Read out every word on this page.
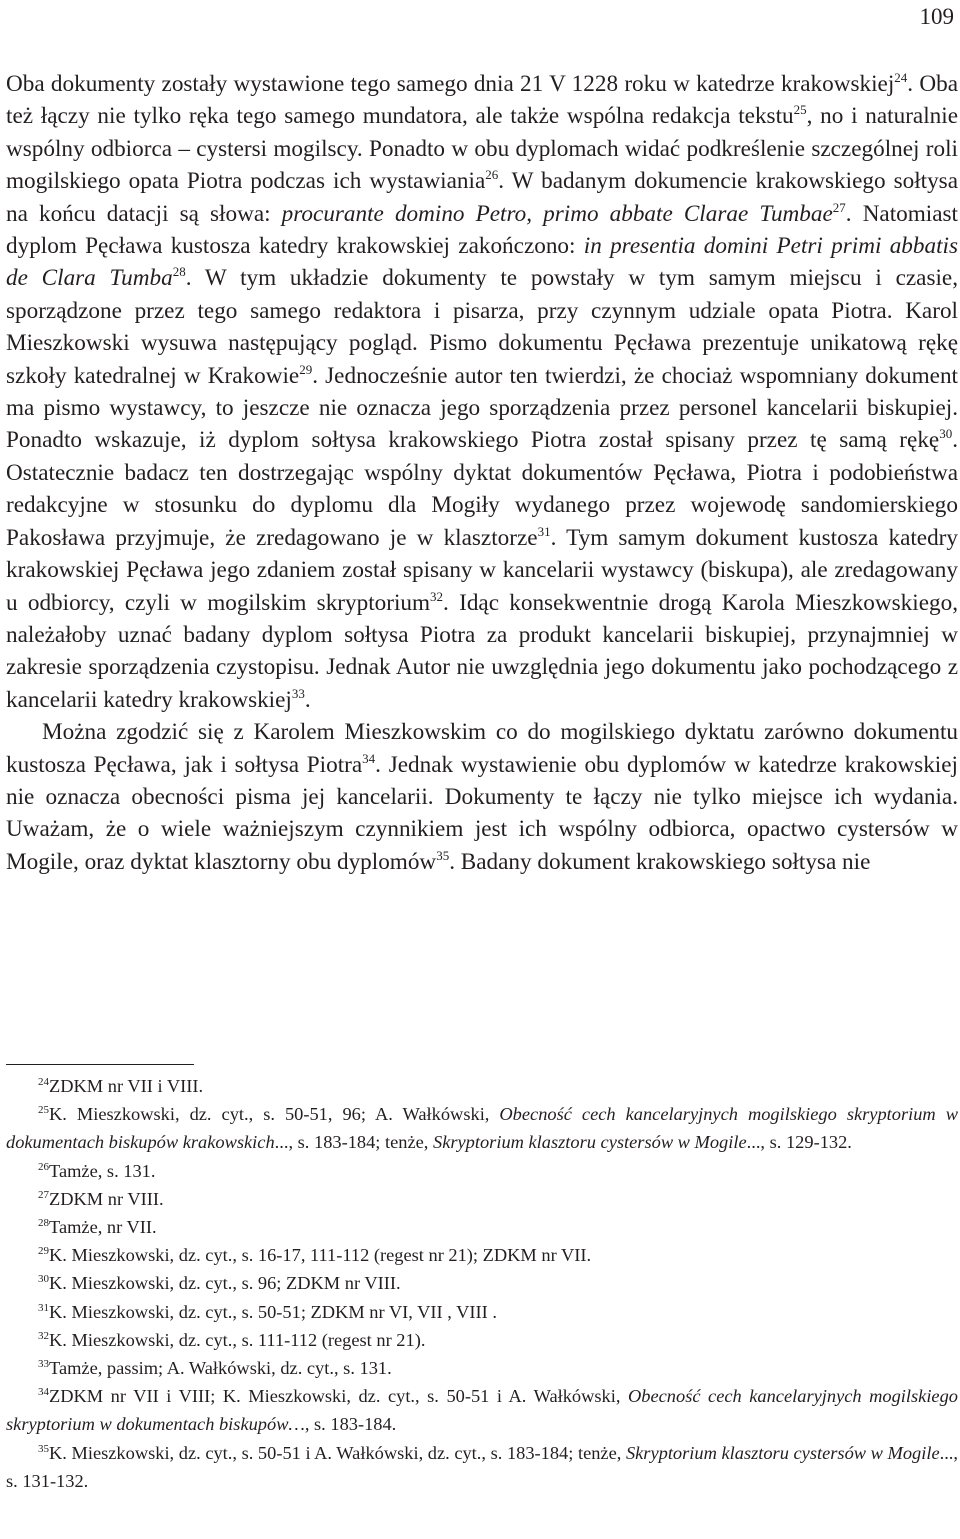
109

Oba dokumenty zostały wystawione tego samego dnia 21 V 1228 roku w katedrze krakowskiej$^{24}$. Oba też łączy nie tylko ręka tego samego mundatora, ale także wspólna redakcja tekstu$^{25}$, no i naturalnie wspólny odbiorca – cystersi mogilscy. Ponadto w obu dyplomach widać podkreślenie szczególnej roli mogilskiego opata Piotra podczas ich wystawiania$^{26}$. W badanym dokumencie krakowskiego sołtysa na końcu datacji są słowa: procurante domino Petro, primo abbate Clarae Tumbae$^{27}$. Natomiast dyplom Pęcława kustosza katedry krakowskiej zakończono: in presentia domini Petri primi abbatis de Clara Tumba$^{28}$. W tym układzie dokumenty te powstały w tym samym miejscu i czasie, sporządzone przez tego samego redaktora i pisarza, przy czynnym udziale opata Piotra. Karol Mieszkowski wysuwa następujący pogląd. Pismo dokumentu Pęcława prezentuje unikatową rękę szkoły katedralnej w Krakowie$^{29}$. Jednocześnie autor ten twierdzi, że chociaż wspomniany dokument ma pismo wystawcy, to jeszcze nie oznacza jego sporządzenia przez personel kancelarii biskupiej. Ponadto wskazuje, iż dyplom sołtysa krakowskiego Piotra został spisany przez tę samą rękę$^{30}$. Ostatecznie badacz ten dostrzegając wspólny dyktat dokumentów Pęcława, Piotra i podobieństwa redakcyjne w stosunku do dyplomu dla Mogiły wydanego przez wojewodę sandomierskiego Pakosława przyjmuje, że zredagowano je w klasztorze$^{31}$. Tym samym dokument kustosza katedry krakowskiej Pęcława jego zdaniem został spisany w kancelarii wystawcy (biskupa), ale zredagowany u odbiorcy, czyli w mogilskim skryptorium$^{32}$. Idąc konsekwentnie drogą Karola Mieszkowskiego, należałoby uznać badany dyplom sołtysa Piotra za produkt kancelarii biskupiej, przynajmniej w zakresie sporządzenia czystopisu. Jednak Autor nie uwzględnia jego dokumentu jako pochodzącego z kancelarii katedry krakowskiej$^{33}$.

Można zgodzić się z Karolem Mieszkowskim co do mogilskiego dyktatu zarówno dokumentu kustosza Pęcława, jak i sołtysa Piotra$^{34}$. Jednak wystawienie obu dyplomów w katedrze krakowskiej nie oznacza obecności pisma jej kancelarii. Dokumenty te łączy nie tylko miejsce ich wydania. Uważam, że o wiele ważniejszym czynnikiem jest ich wspólny odbiorca, opactwo cystersów w Mogile, oraz dyktat klasztorny obu dyplomów$^{35}$. Badany dokument krakowskiego sołtysa nie

$^{24}$ZDKM nr VII i VIII.
$^{25}$K. Mieszkowski, dz. cyt., s. 50-51, 96; A. Wałkówski, Obecność cech kancelaryjnych mogilskiego skryptorium w dokumentach biskupów krakowskich..., s. 183-184; tenże, Skryptorium klasztoru cystersów w Mogile..., s. 129-132.
$^{26}$Tamże, s. 131.
$^{27}$ZDKM nr VIII.
$^{28}$Tamże, nr VII.
$^{29}$K. Mieszkowski, dz. cyt., s. 16-17, 111-112 (regest nr 21); ZDKM nr VII.
$^{30}$K. Mieszkowski, dz. cyt., s. 96; ZDKM nr VIII.
$^{31}$K. Mieszkowski, dz. cyt., s. 50-51; ZDKM nr VI, VII , VIII .
$^{32}$K. Mieszkowski, dz. cyt., s. 111-112 (regest nr 21).
$^{33}$Tamże, passim; A. Wałkówski, dz. cyt., s. 131.
$^{34}$ZDKM nr VII i VIII; K. Mieszkowski, dz. cyt., s. 50-51 i A. Wałkówski, Obecność cech kancelaryjnych mogilskiego skryptorium w dokumentach biskupów…, s. 183-184.
$^{35}$K. Mieszkowski, dz. cyt., s. 50-51 i A. Wałkówski, dz. cyt., s. 183-184; tenże, Skryptorium klasztoru cystersów w Mogile..., s. 131-132.
